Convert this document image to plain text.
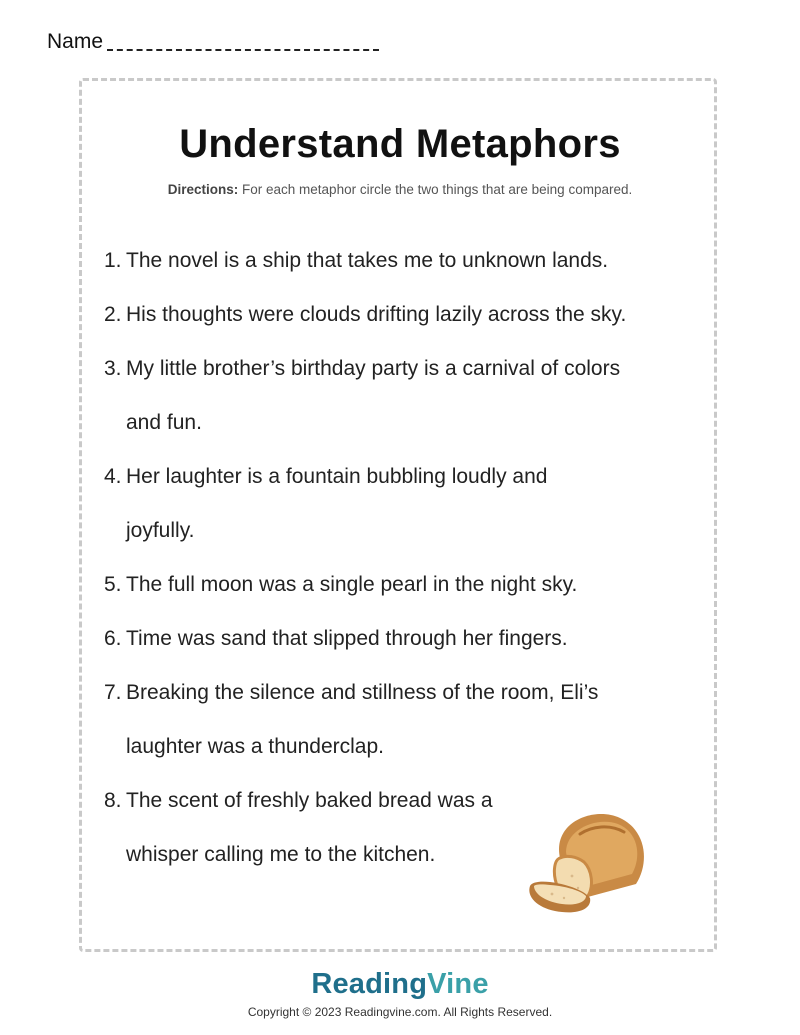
Name
Understand Metaphors
Directions: For each metaphor circle the two things that are being compared.
1. The novel is a ship that takes me to unknown lands.
2. His thoughts were clouds drifting lazily across the sky.
3. My little brother’s birthday party is a carnival of colors and fun.
4. Her laughter is a fountain bubbling loudly and joyfully.
5. The full moon was a single pearl in the night sky.
6. Time was sand that slipped through her fingers.
7. Breaking the silence and stillness of the room, Eli’s laughter was a thunderclap.
8. The scent of freshly baked bread was a whisper calling me to the kitchen.
ReadingVine
Copyright © 2023 Readingvine.com. All Rights Reserved.
